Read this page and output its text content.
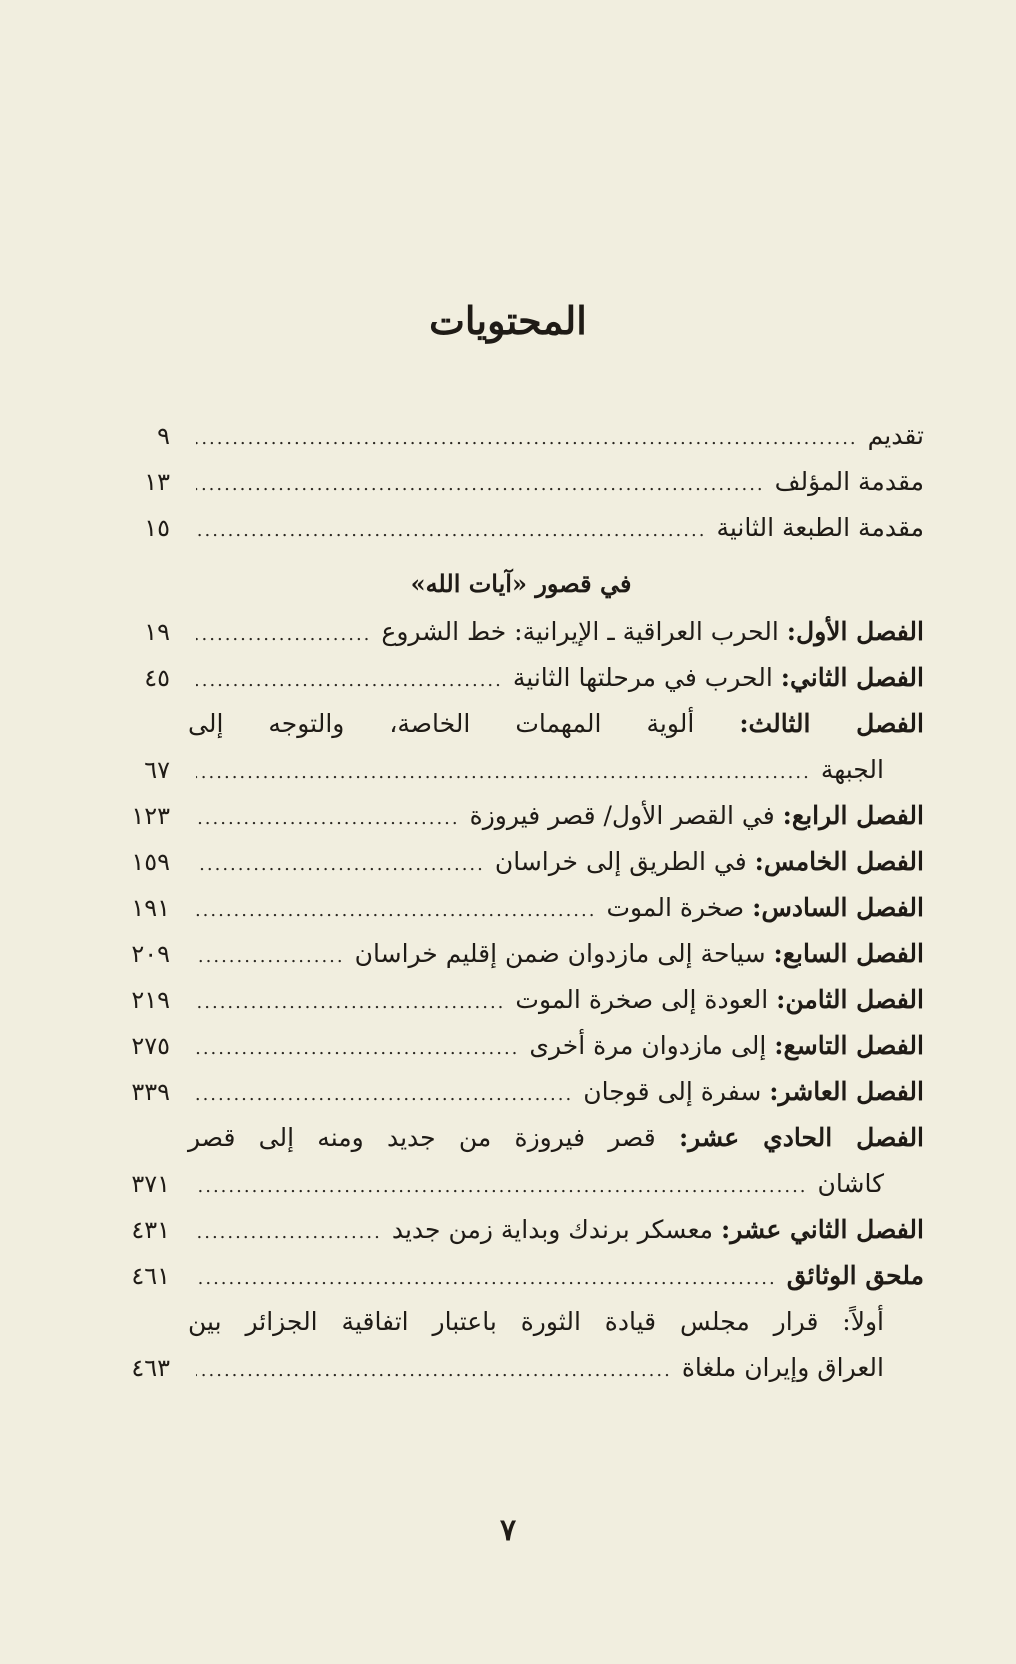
المحتويات
تقديم
.....
٩
مقدمة المؤلف
.....
١٣
مقدمة الطبعة الثانية
.....
١٥
في قصور «آيات الله»
الفصل الأول: الحرب العراقية ـ الإيرانية: خط الشروع
.....
١٩
الفصل الثاني: الحرب في مرحلتها الثانية
.....
٤٥
الفصل الثالث: ألوية المهمات الخاصة، والتوجه إلى
الجبهة
.....
٦٧
الفصل الرابع: في القصر الأول/ قصر فيروزة
.....
١٢٣
الفصل الخامس: في الطريق إلى خراسان
.....
١٥٩
الفصل السادس: صخرة الموت
.....
١٩١
الفصل السابع: سياحة إلى مازدوان ضمن إقليم خراسان
.....
٢٠٩
الفصل الثامن: العودة إلى صخرة الموت
.....
٢١٩
الفصل التاسع: إلى مازدوان مرة أخرى
.....
٢٧٥
الفصل العاشر: سفرة إلى قوجان
.....
٣٣٩
الفصل الحادي عشر: قصر فيروزة من جديد ومنه إلى قصر
كاشان
.....
٣٧١
الفصل الثاني عشر: معسكر برندك وبداية زمن جديد
.....
٤٣١
ملحق الوثائق
.....
٤٦١
أولاً: قرار مجلس قيادة الثورة باعتبار اتفاقية الجزائر بين
العراق وإيران ملغاة
.....
٤٦٣
٧
